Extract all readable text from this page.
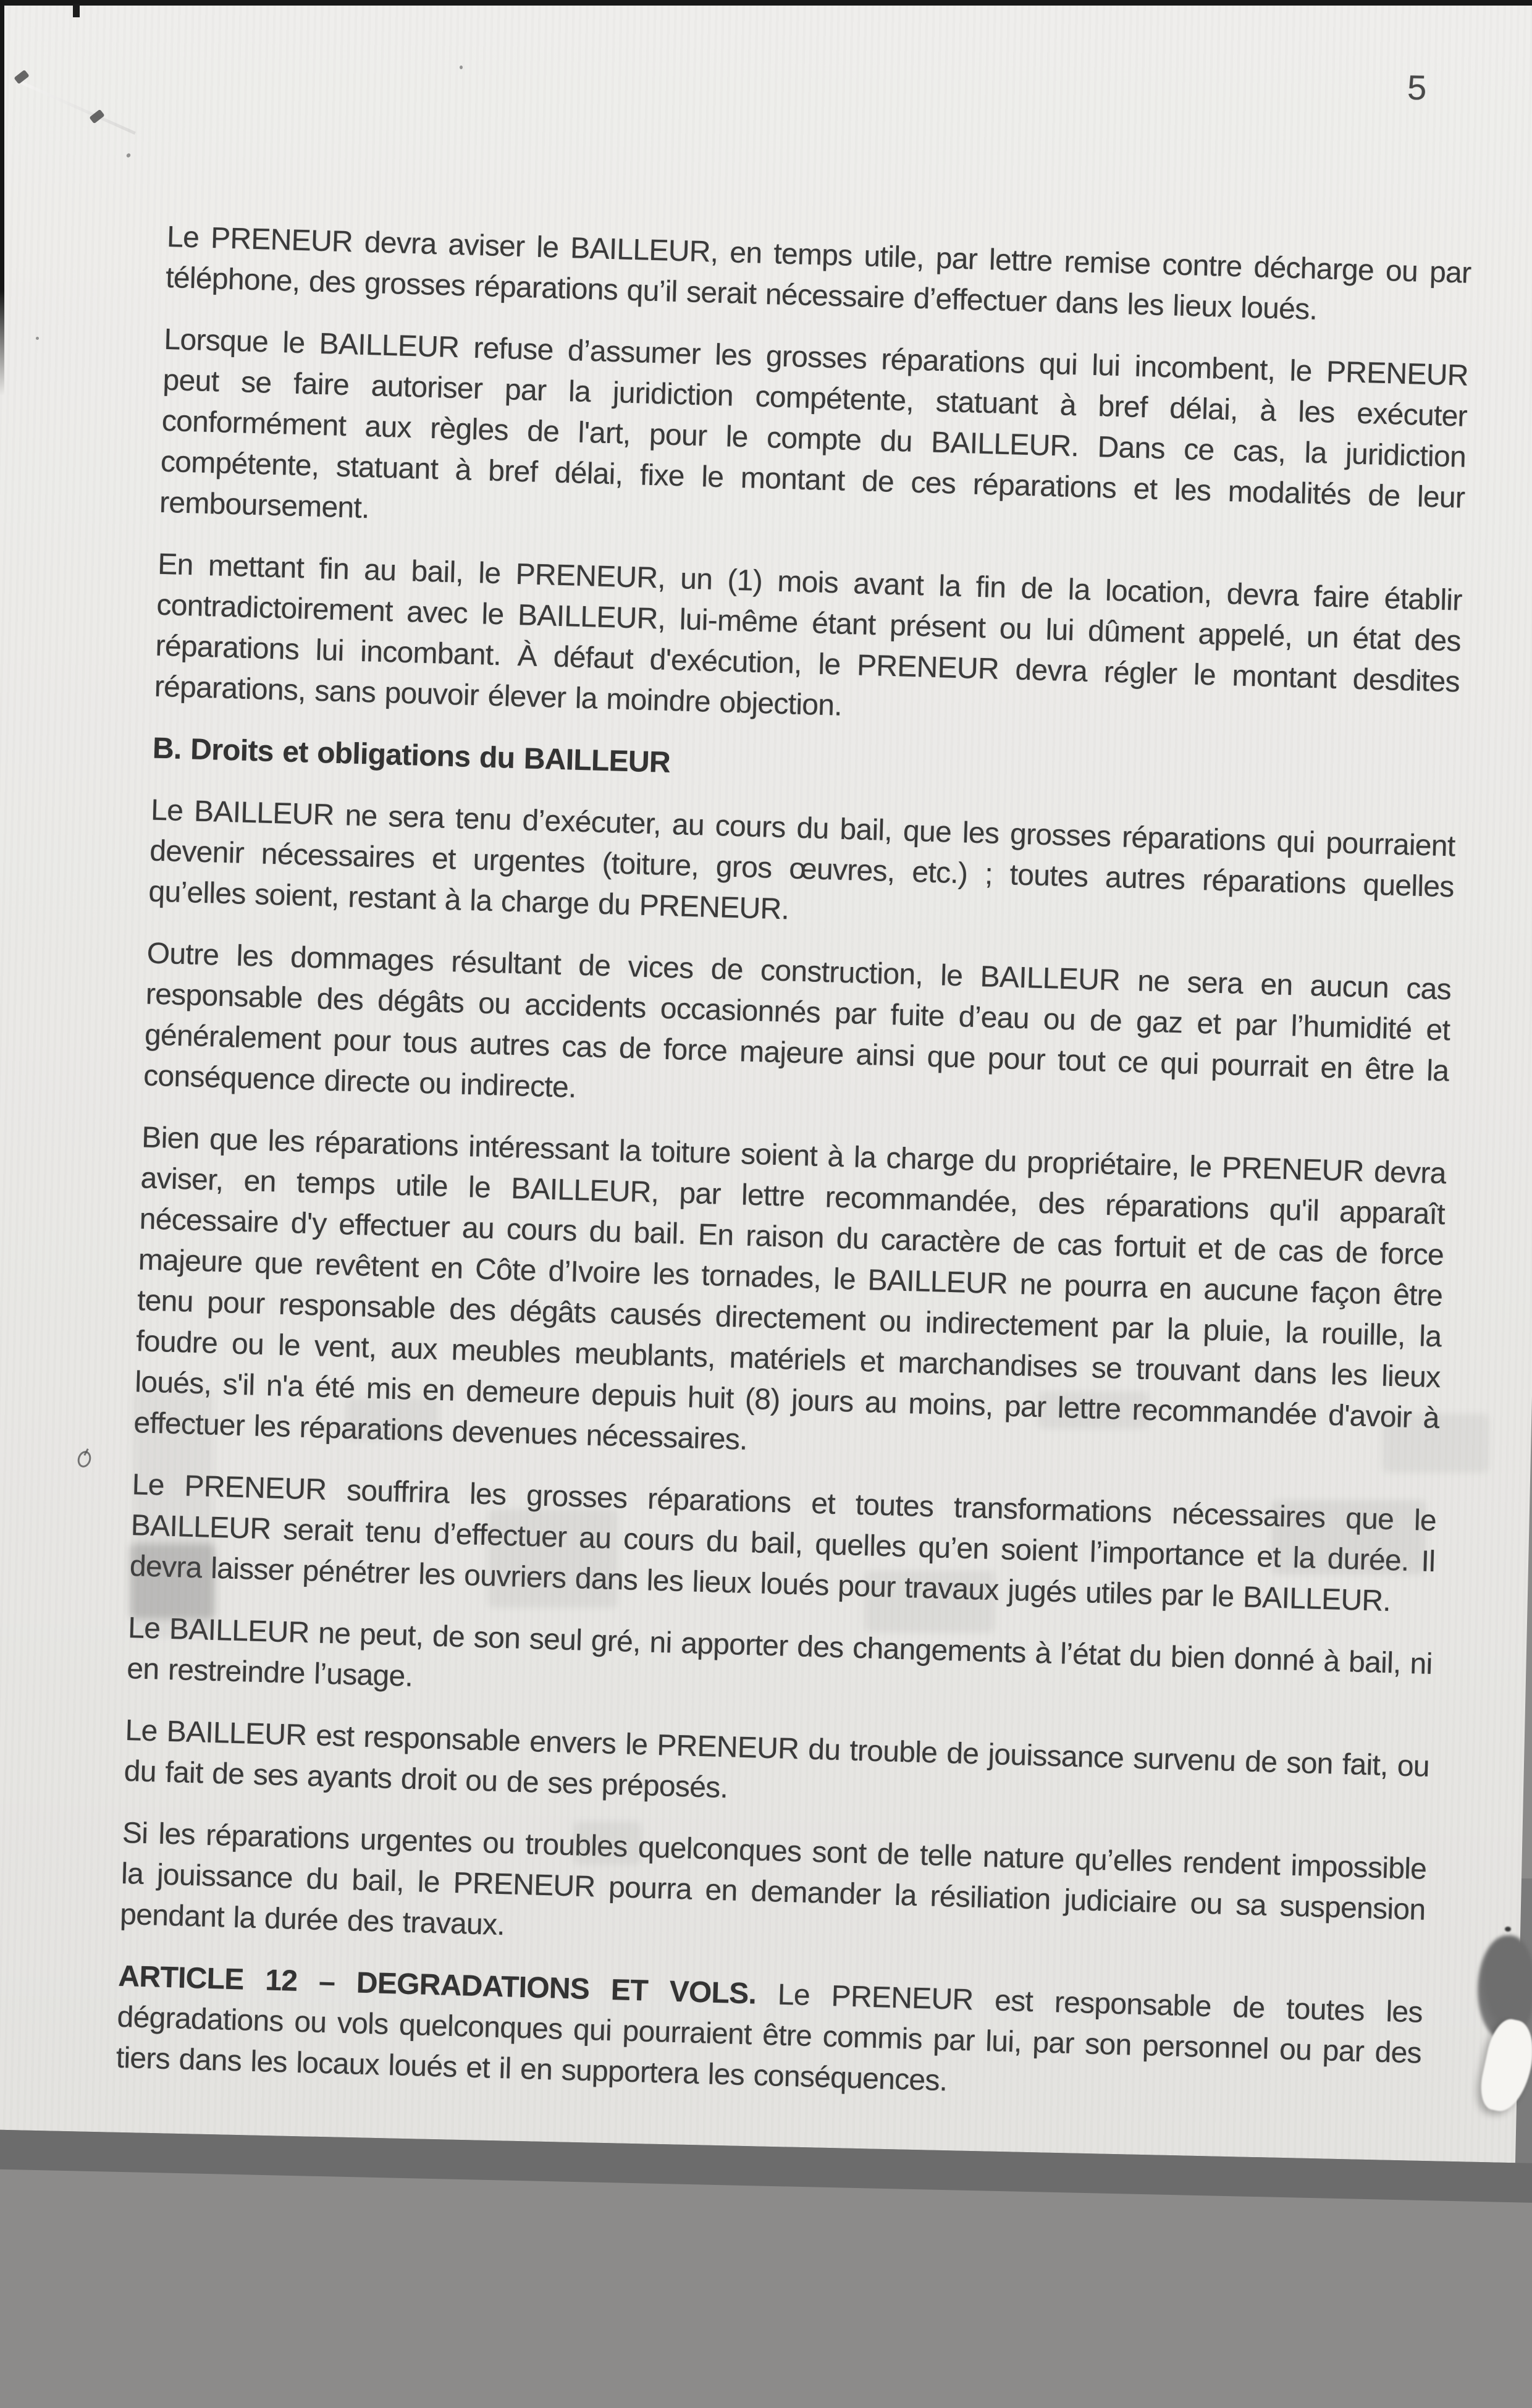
5

Le PRENEUR devra aviser le BAILLEUR, en temps utile, par lettre remise contre décharge ou par téléphone, des grosses réparations qu’il serait nécessaire d’effectuer dans les lieux loués.

Lorsque le BAILLEUR refuse d’assumer les grosses réparations qui lui incombent, le PRENEUR peut se faire autoriser par la juridiction compétente, statuant à bref délai, à les exécuter conformément aux règles de l'art, pour le compte du BAILLEUR. Dans ce cas, la juridiction compétente, statuant à bref délai, fixe le montant de ces réparations et les modalités de leur remboursement.

En mettant fin au bail, le PRENEUR, un (1) mois avant la fin de la location, devra faire établir contradictoirement avec le BAILLEUR, lui-même étant présent ou lui dûment appelé, un état des réparations lui incombant. À défaut d'exécution, le PRENEUR devra régler le montant desdites réparations, sans pouvoir élever la moindre objection.

B. Droits et obligations du BAILLEUR

Le BAILLEUR ne sera tenu d’exécuter, au cours du bail, que les grosses réparations qui pourraient devenir nécessaires et urgentes (toiture, gros œuvres, etc.) ; toutes autres réparations quelles qu’elles soient, restant à la charge du PRENEUR.

Outre les dommages résultant de vices de construction, le BAILLEUR ne sera en aucun cas responsable des dégâts ou accidents occasionnés par fuite d’eau ou de gaz et par l’humidité et généralement pour tous autres cas de force majeure ainsi que pour tout ce qui pourrait en être la conséquence directe ou indirecte.

Bien que les réparations intéressant la toiture soient à la charge du propriétaire, le PRENEUR devra aviser, en temps utile le BAILLEUR, par lettre recommandée, des réparations qu'il apparaît nécessaire d'y effectuer au cours du bail. En raison du caractère de cas fortuit et de cas de force majeure que revêtent en Côte d’Ivoire les tornades, le BAILLEUR ne pourra en aucune façon être tenu pour responsable des dégâts causés directement ou indirectement par la pluie, la rouille, la foudre ou le vent, aux meubles meublants, matériels et marchandises se trouvant dans les lieux loués, s'il n'a été mis en demeure depuis huit (8) jours au moins, par lettre recommandée d'avoir à effectuer les réparations devenues nécessaires.

Le PRENEUR souffrira les grosses réparations et toutes transformations nécessaires que le BAILLEUR serait tenu d’effectuer au cours du bail, quelles qu’en soient l’importance et la durée. Il devra laisser pénétrer les ouvriers dans les lieux loués pour travaux jugés utiles par le BAILLEUR.

Le BAILLEUR ne peut, de son seul gré, ni apporter des changements à l’état du bien donné à bail, ni en restreindre l’usage.

Le BAILLEUR est responsable envers le PRENEUR du trouble de jouissance survenu de son fait, ou du fait de ses ayants droit ou de ses préposés.

Si les réparations urgentes ou troubles quelconques sont de telle nature qu’elles rendent impossible la jouissance du bail, le PRENEUR pourra en demander la résiliation judiciaire ou sa suspension pendant la durée des travaux.

ARTICLE 12 – DEGRADATIONS ET VOLS. Le PRENEUR est responsable de toutes les dégradations ou vols quelconques qui pourraient être commis par lui, par son personnel ou par des tiers dans les locaux loués et il en supportera les conséquences.
